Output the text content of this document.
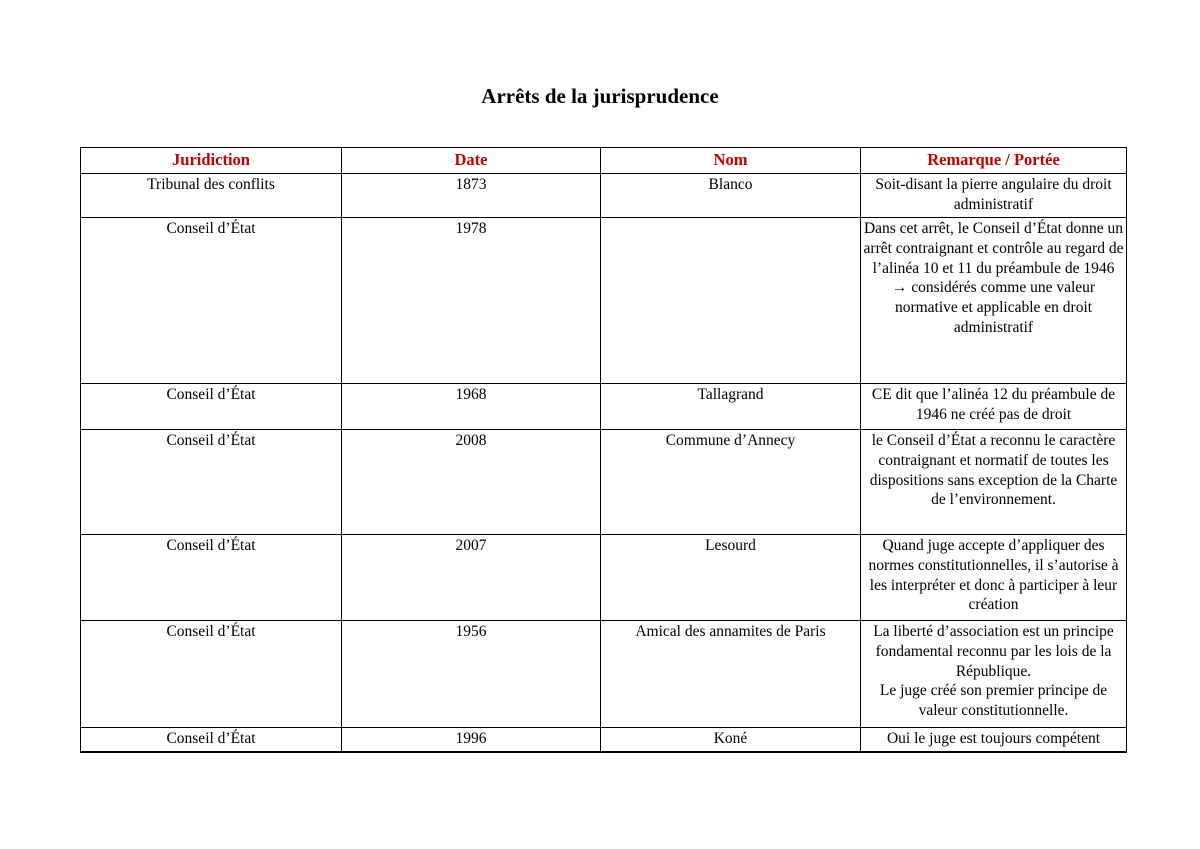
Arrêts de la jurisprudence
Juridiction	Date	Nom	Remarque / Portée
Tribunal des conflits	1873	Blanco	Soit-disant la pierre angulaire du droit administratif
Conseil d’État	1978		Dans cet arrêt, le Conseil d’État donne un arrêt contraignant et contrôle au regard de l’alinéa 10 et 11 du préambule de 1946 → considérés comme une valeur normative et applicable en droit administratif
Conseil d’État	1968	Tallagrand	CE dit que l’alinéa 12 du préambule de 1946 ne créé pas de droit
Conseil d’État	2008	Commune d’Annecy	le Conseil d’État a reconnu le caractère contraignant et normatif de toutes les dispositions sans exception de la Charte de l’environnement.
Conseil d’État	2007	Lesourd	Quand juge accepte d’appliquer des normes constitutionnelles, il s’autorise à les interpréter et donc à participer à leur création
Conseil d’État	1956	Amical des annamites de Paris	La liberté d’association est un principe fondamental reconnu par les lois de la République.
Le juge créé son premier principe de valeur constitutionnelle.
Conseil d’État	1996	Koné	Oui le juge est toujours compétent
